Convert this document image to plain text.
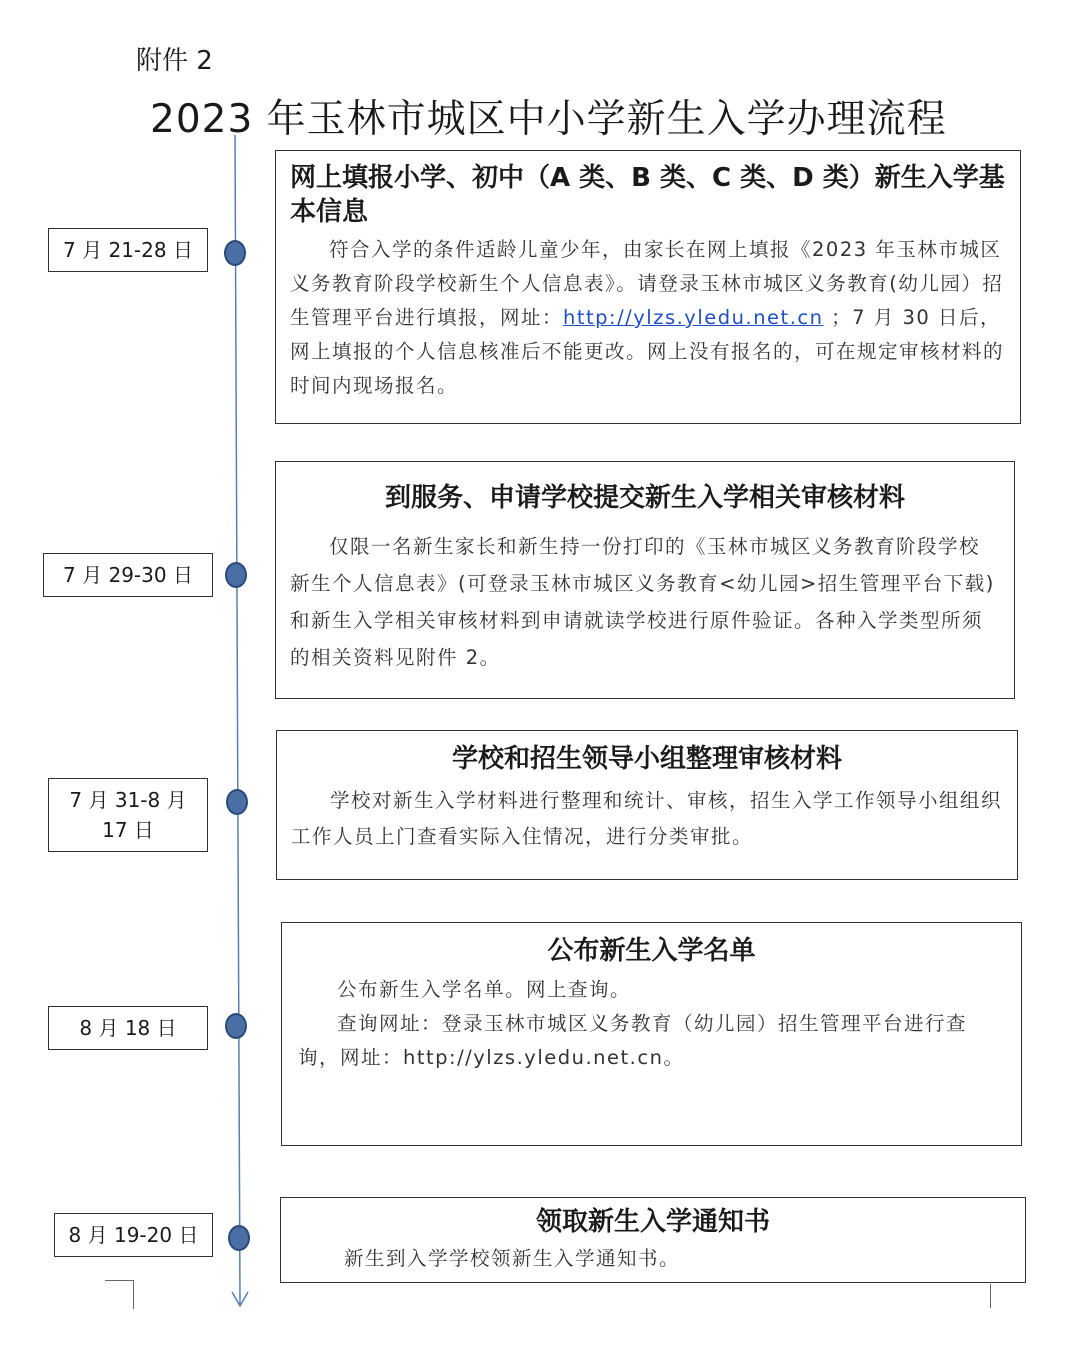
附件 2
2023 年玉林市城区中小学新生入学办理流程
7 月 21-28 日
网上填报小学、初中（A 类、B 类、C 类、D 类）新生入学基本信息

符合入学的条件适龄儿童少年，由家长在网上填报《2023 年玉林市城区义务教育阶段学校新生个人信息表》。请登录玉林市城区义务教育(幼儿园）招生管理平台进行填报，网址：http://ylzs.yledu.net.cn ；7 月 30 日后，网上填报的个人信息核准后不能更改。网上没有报名的，可在规定审核材料的时间内现场报名。

7 月 29-30 日
到服务、申请学校提交新生入学相关审核材料

仅限一名新生家长和新生持一份打印的《玉林市城区义务教育阶段学校新生个人信息表》(可登录玉林市城区义务教育<幼儿园>招生管理平台下载)和新生入学相关审核材料到申请就读学校进行原件验证。各种入学类型所须的相关资料见附件 2。

7 月 31-8 月
17 日
学校和招生领导小组整理审核材料

学校对新生入学材料进行整理和统计、审核，招生入学工作领导小组组织工作人员上门查看实际入住情况，进行分类审批。

8 月 18 日
公布新生入学名单

公布新生入学名单。网上查询。

查询网址：登录玉林市城区义务教育（幼儿园）招生管理平台进行查询，网址：http://ylzs.yledu.net.cn。

8 月 19-20 日	领取新生入学通知书

新生到入学学校领新生入学通知书。
